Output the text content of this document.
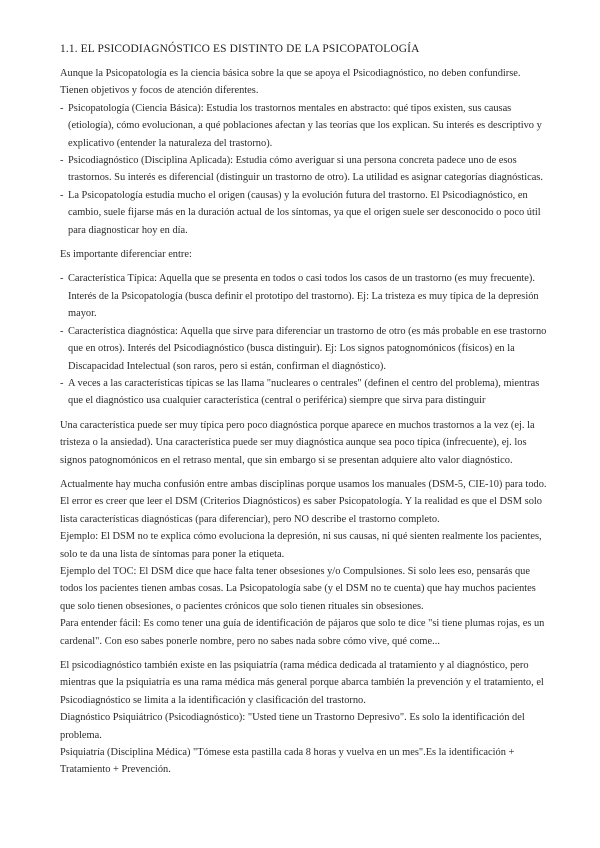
1.1. EL PSICODIAGNÓSTICO ES DISTINTO DE LA PSICOPATOLOGÍA

Aunque la Psicopatología es la ciencia básica sobre la que se apoya el Psicodiagnóstico, no deben confundirse. Tienen objetivos y focos de atención diferentes.

- Psicopatología (Ciencia Básica): Estudia los trastornos mentales en abstracto: qué tipos existen, sus causas (etiología), cómo evolucionan, a qué poblaciones afectan y las teorías que los explican. Su interés es descriptivo y explicativo (entender la naturaleza del trastorno).
- Psicodiagnóstico (Disciplina Aplicada): Estudia cómo averiguar si una persona concreta padece uno de esos trastornos. Su interés es diferencial (distinguir un trastorno de otro). La utilidad es asignar categorías diagnósticas.
- La Psicopatología estudia mucho el origen (causas) y la evolución futura del trastorno. El Psicodiagnóstico, en cambio, suele fijarse más en la duración actual de los síntomas, ya que el origen suele ser desconocido o poco útil para diagnosticar hoy en día.

Es importante diferenciar entre:

- Característica Típica: Aquella que se presenta en todos o casi todos los casos de un trastorno (es muy frecuente). Interés de la Psicopatología (busca definir el prototipo del trastorno). Ej: La tristeza es muy típica de la depresión mayor.
- Característica diagnóstica: Aquella que sirve para diferenciar un trastorno de otro (es más probable en ese trastorno que en otros). Interés del Psicodiagnóstico (busca distinguir). Ej: Los signos patognomónicos (físicos) en la Discapacidad Intelectual (son raros, pero si están, confirman el diagnóstico).
- A veces a las características típicas se las llama "nucleares o centrales" (definen el centro del problema), mientras que el diagnóstico usa cualquier característica (central o periférica) siempre que sirva para distinguir

Una característica puede ser muy típica pero poco diagnóstica porque aparece en muchos trastornos a la vez (ej. la tristeza o la ansiedad). Una característica puede ser muy diagnóstica aunque sea poco típica (infrecuente), ej. los signos patognomónicos en el retraso mental, que sin embargo si se presentan adquiere alto valor diagnóstico.

Actualmente hay mucha confusión entre ambas disciplinas porque usamos los manuales (DSM-5, CIE-10) para todo. El error es creer que leer el DSM (Criterios Diagnósticos) es saber Psicopatología. Y la realidad es que el DSM solo lista características diagnósticas (para diferenciar), pero NO describe el trastorno completo.

Ejemplo: El DSM no te explica cómo evoluciona la depresión, ni sus causas, ni qué sienten realmente los pacientes, solo te da una lista de síntomas para poner la etiqueta.

Ejemplo del TOC: El DSM dice que hace falta tener obsesiones y/o Compulsiones. Si solo lees eso, pensarás que todos los pacientes tienen ambas cosas. La Psicopatología sabe (y el DSM no te cuenta) que hay muchos pacientes que solo tienen obsesiones, o pacientes crónicos que solo tienen rituales sin obsesiones.

Para entender fácil: Es como tener una guía de identificación de pájaros que solo te dice "si tiene plumas rojas, es un cardenal". Con eso sabes ponerle nombre, pero no sabes nada sobre cómo vive, qué come...

El psicodiagnóstico también existe en las psiquiatría (rama médica dedicada al tratamiento y al diagnóstico, pero mientras que la psiquiatría es una rama médica más general porque abarca también la prevención y el tratamiento, el Psicodiagnóstico se limita a la identificación y clasificación del trastorno.

Diagnóstico Psiquiátrico (Psicodiagnóstico): "Usted tiene un Trastorno Depresivo". Es solo la identificación del problema.

Psiquiatría (Disciplina Médica) "Tómese esta pastilla cada 8 horas y vuelva en un mes".Es la identificación + Tratamiento + Prevención.
